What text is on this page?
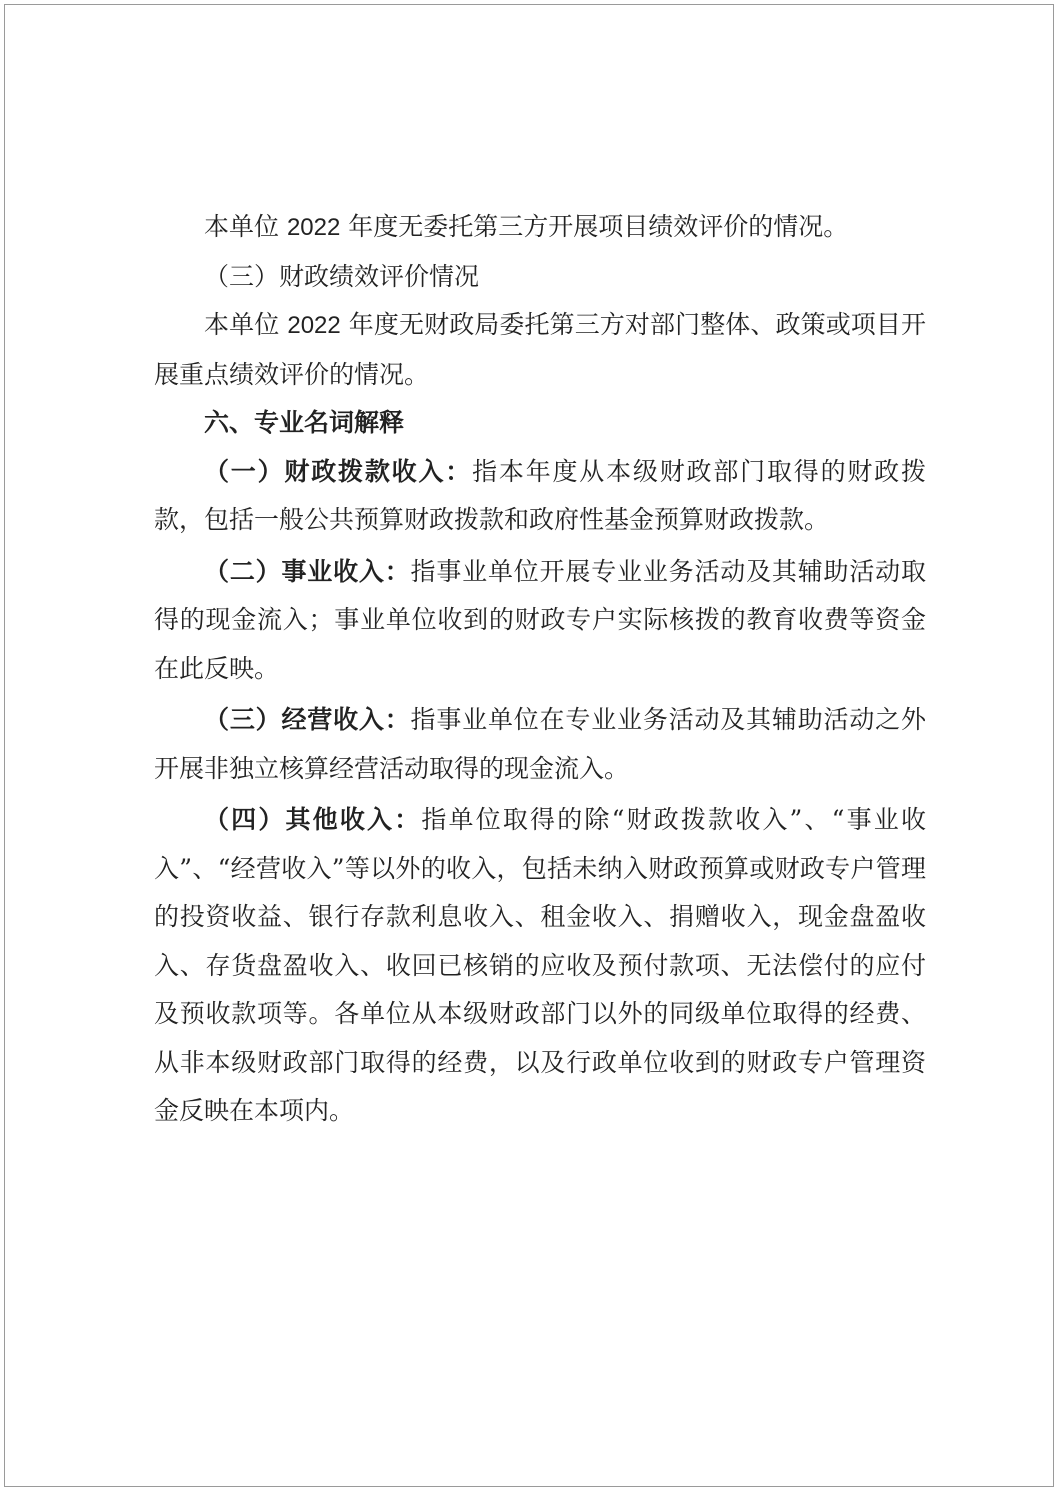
本单位 2022 年度无委托第三方开展项目绩效评价的情况。

（三）财政绩效评价情况

本单位 2022 年度无财政局委托第三方对部门整体、政策或项目开展重点绩效评价的情况。

六、专业名词解释

（一）财政拨款收入：指本年度从本级财政部门取得的财政拨款，包括一般公共预算财政拨款和政府性基金预算财政拨款。

（二）事业收入：指事业单位开展专业业务活动及其辅助活动取得的现金流入；事业单位收到的财政专户实际核拨的教育收费等资金在此反映。

（三）经营收入：指事业单位在专业业务活动及其辅助活动之外开展非独立核算经营活动取得的现金流入。

（四）其他收入：指单位取得的除“财政拨款收入”、“事业收入”、“经营收入”等以外的收入，包括未纳入财政预算或财政专户管理的投资收益、银行存款利息收入、租金收入、捐赠收入，现金盘盈收入、存货盘盈收入、收回已核销的应收及预付款项、无法偿付的应付及预收款项等。各单位从本级财政部门以外的同级单位取得的经费、从非本级财政部门取得的经费，以及行政单位收到的财政专户管理资金反映在本项内。
